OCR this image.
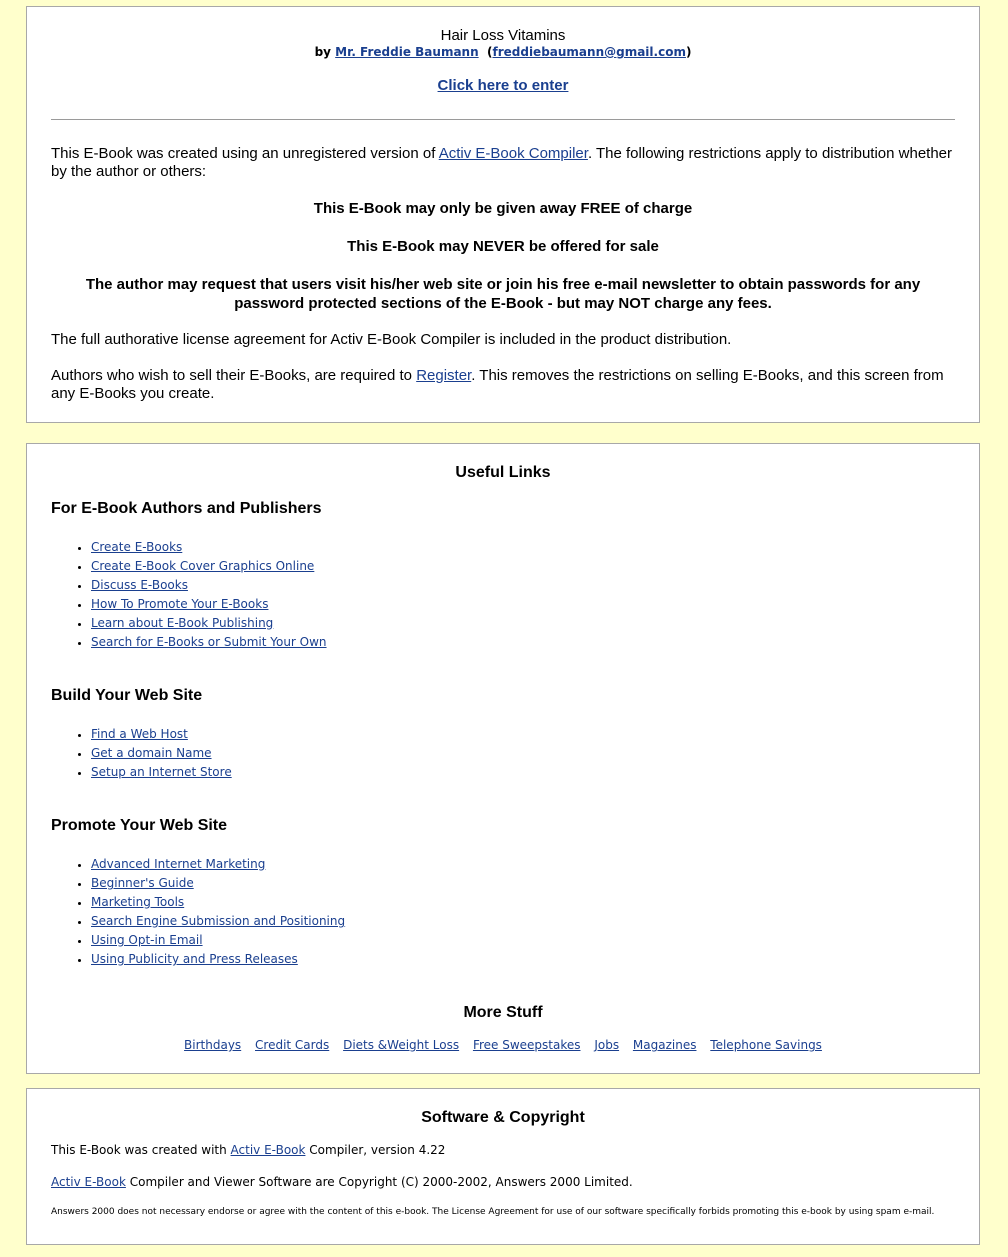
Hair Loss Vitamins
by Mr. Freddie Baumann  (freddiebaumann@gmail.com)
Click here to enter

This E-Book was created using an unregistered version of Activ E-Book Compiler. The following restrictions apply to distribution whether by the author or others:

This E-Book may only be given away FREE of charge

This E-Book may NEVER be offered for sale

The author may request that users visit his/her web site or join his free e-mail newsletter to obtain passwords for any password protected sections of the E-Book - but may NOT charge any fees.

The full authorative license agreement for Activ E-Book Compiler is included in the product distribution.

Authors who wish to sell their E-Books, are required to Register. This removes the restrictions on selling E-Books, and this screen from any E-Books you create.

Useful Links
For E-Book Authors and Publishers
• Create E-Books
• Create E-Book Cover Graphics Online
• Discuss E-Books
• How To Promote Your E-Books
• Learn about E-Book Publishing
• Search for E-Books or Submit Your Own
Build Your Web Site
• Find a Web Host
• Get a domain Name
• Setup an Internet Store
Promote Your Web Site
• Advanced Internet Marketing
• Beginner's Guide
• Marketing Tools
• Search Engine Submission and Positioning
• Using Opt-in Email
• Using Publicity and Press Releases
More Stuff
Birthdays Credit Cards Diets &Weight Loss Free Sweepstakes Jobs Magazines Telephone Savings
Software & Copyright

This E-Book was created with Activ E-Book Compiler, version 4.22

Activ E-Book Compiler and Viewer Software are Copyright (C) 2000-2002, Answers 2000 Limited.

Answers 2000 does not necessary endorse or agree with the content of this e-book. The License Agreement for use of our software specifically forbids promoting this e-book by using spam e-mail.
